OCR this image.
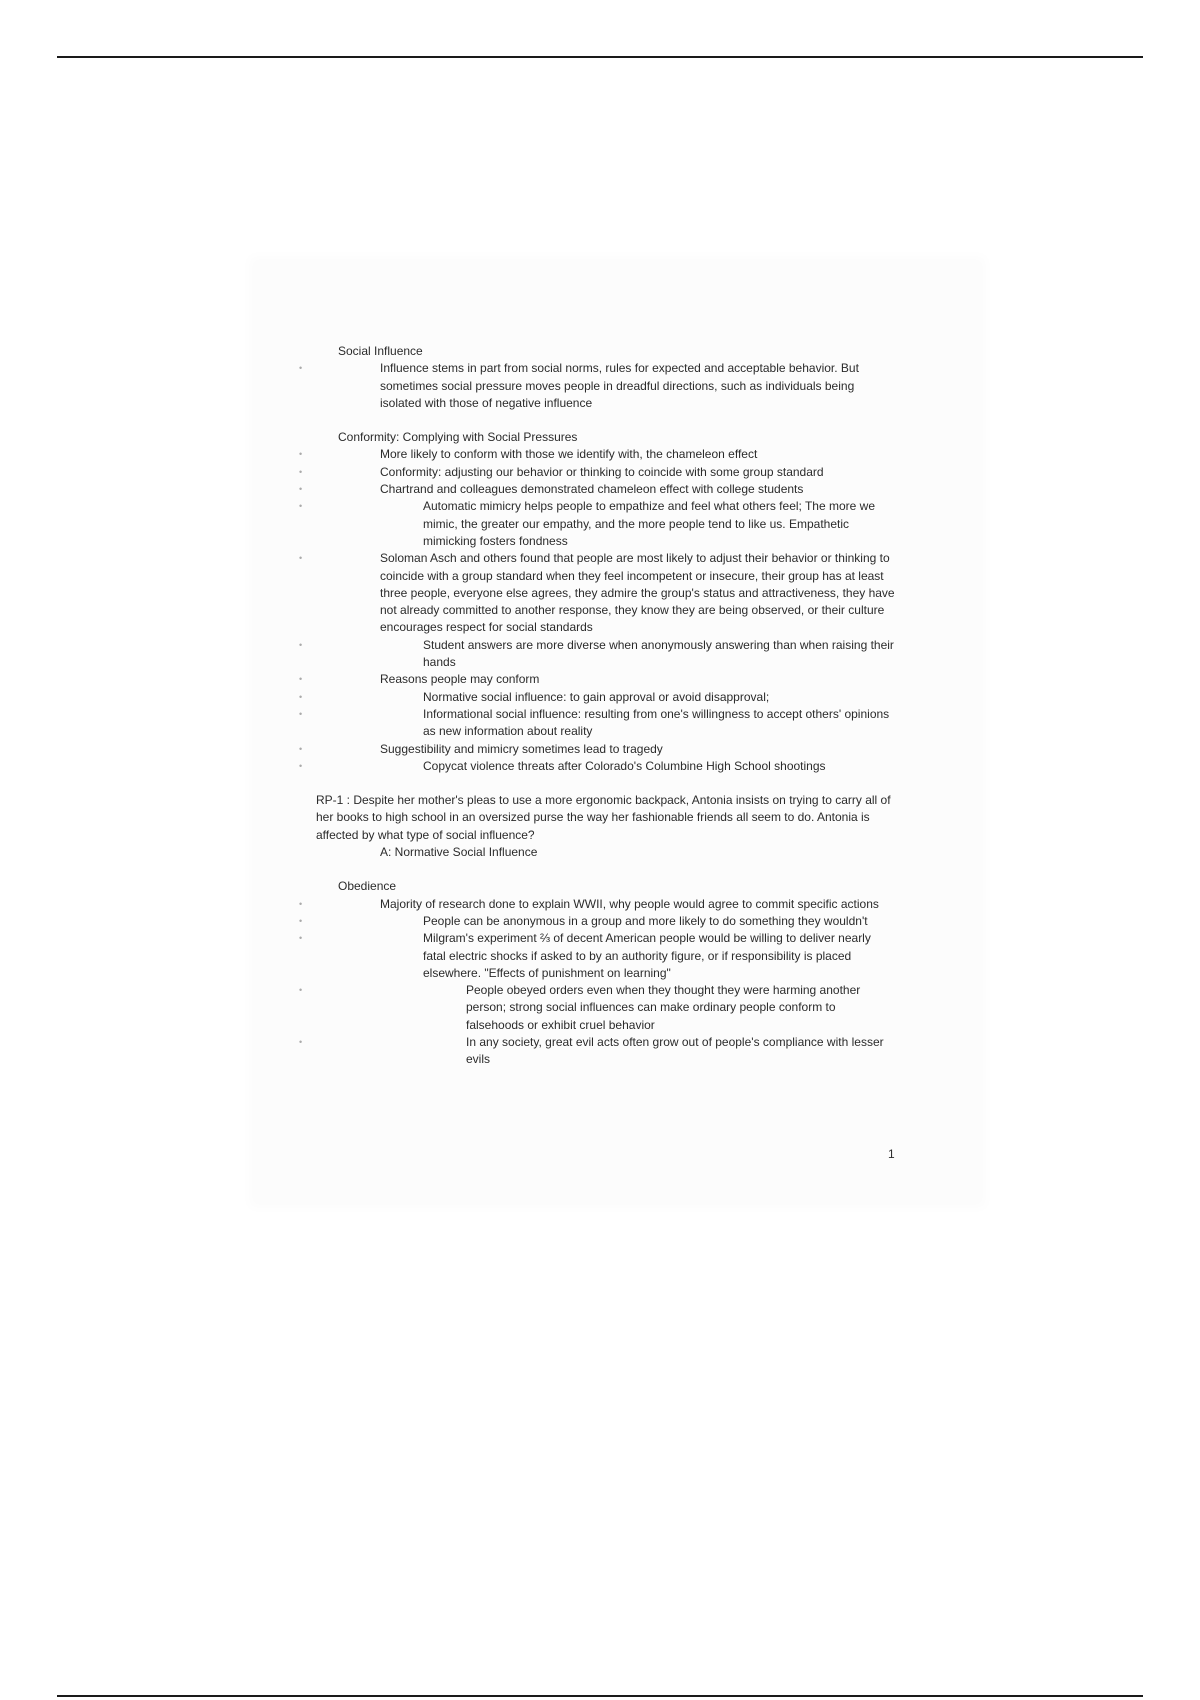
Social Influence

• Influence stems in part from social norms, rules for expected and acceptable behavior. But sometimes social pressure moves people in dreadful directions, such as individuals being isolated with those of negative influence

Conformity: Complying with Social Pressures

• More likely to conform with those we identify with, the chameleon effect
• Conformity: adjusting our behavior or thinking to coincide with some group standard
• Chartrand and colleagues demonstrated chameleon effect with college students
• Automatic mimicry helps people to empathize and feel what others feel; The more we mimic, the greater our empathy, and the more people tend to like us. Empathetic mimicking fosters fondness
• Soloman Asch and others found that people are most likely to adjust their behavior or thinking to coincide with a group standard when they feel incompetent or insecure, their group has at least three people, everyone else agrees, they admire the group's status and attractiveness, they have not already committed to another response, they know they are being observed, or their culture encourages respect for social standards
• Student answers are more diverse when anonymously answering than when raising their hands
• Reasons people may conform
• Normative social influence: to gain approval or avoid disapproval;
• Informational social influence: resulting from one's willingness to accept others' opinions as new information about reality
• Suggestibility and mimicry sometimes lead to tragedy
• Copycat violence threats after Colorado's Columbine High School shootings

RP-1 : Despite her mother's pleas to use a more ergonomic backpack, Antonia insists on trying to carry all of her books to high school in an oversized purse the way her fashionable friends all seem to do. Antonia is affected by what type of social influence?

A: Normative Social Influence

Obedience

• Majority of research done to explain WWII, why people would agree to commit specific actions
• People can be anonymous in a group and more likely to do something they wouldn't
• Milgram's experiment ⅔ of decent American people would be willing to deliver nearly fatal electric shocks if asked to by an authority figure, or if responsibility is placed elsewhere. "Effects of punishment on learning"
• People obeyed orders even when they thought they were harming another person; strong social influences can make ordinary people conform to falsehoods or exhibit cruel behavior
• In any society, great evil acts often grow out of people's compliance with lesser evils
1
